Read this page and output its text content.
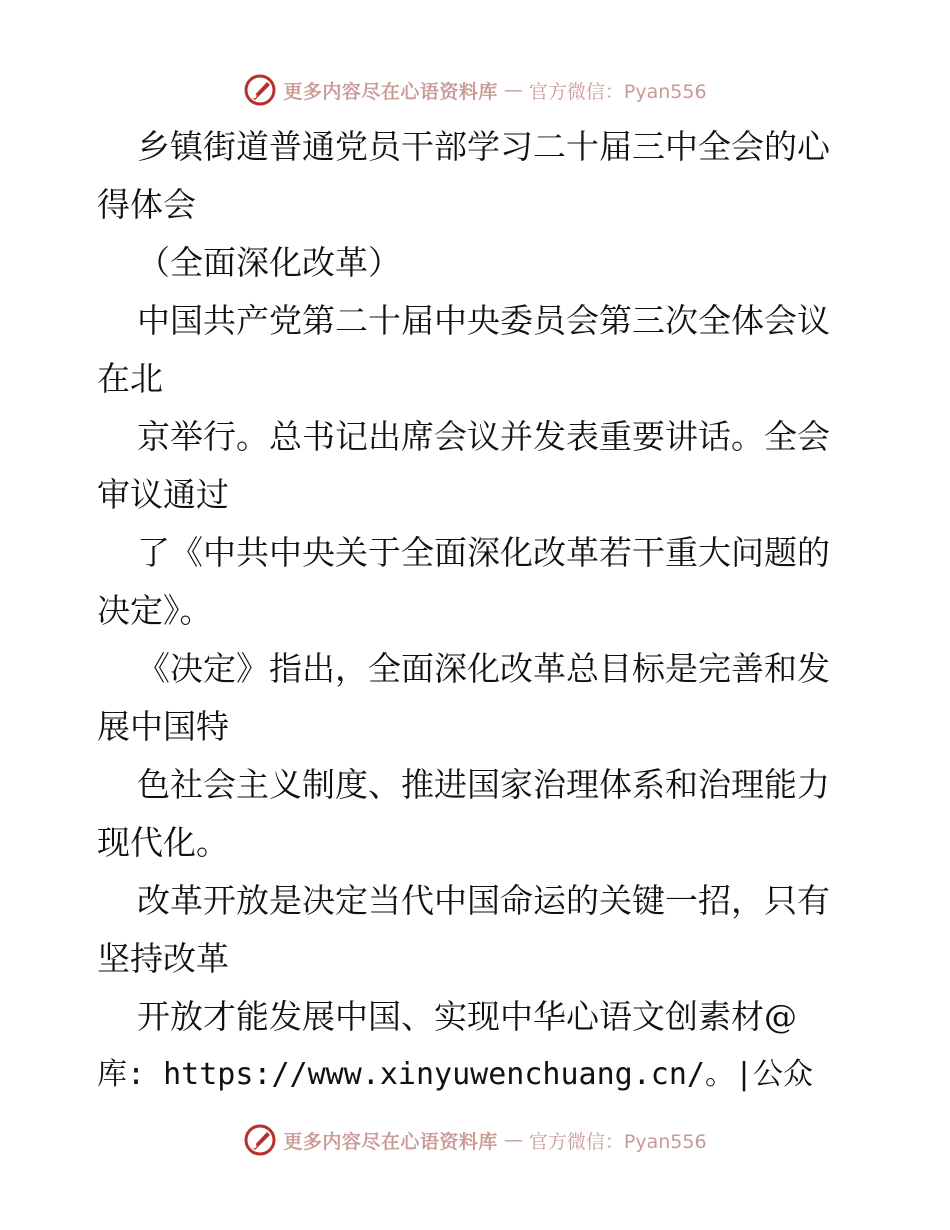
更多内容尽在心语资料库 — 官方微信：Pyan556
乡镇街道普通党员干部学习二十届三中全会的心
得体会
（全面深化改革）
中国共产党第二十届中央委员会第三次全体会议
在北
京举行。总书记出席会议并发表重要讲话。全会
审议通过
了《中共中央关于全面深化改革若干重大问题的
决定》。
《决定》指出，全面深化改革总目标是完善和发
展中国特
色社会主义制度、推进国家治理体系和治理能力
现代化。
改革开放是决定当代中国命运的关键一招，只有
坚持改革
开放才能发展中国、实现中华心语文创素材@
库: https://www.xinyuwenchuang.cn/。|公众
更多内容尽在心语资料库 — 官方微信：Pyan556
